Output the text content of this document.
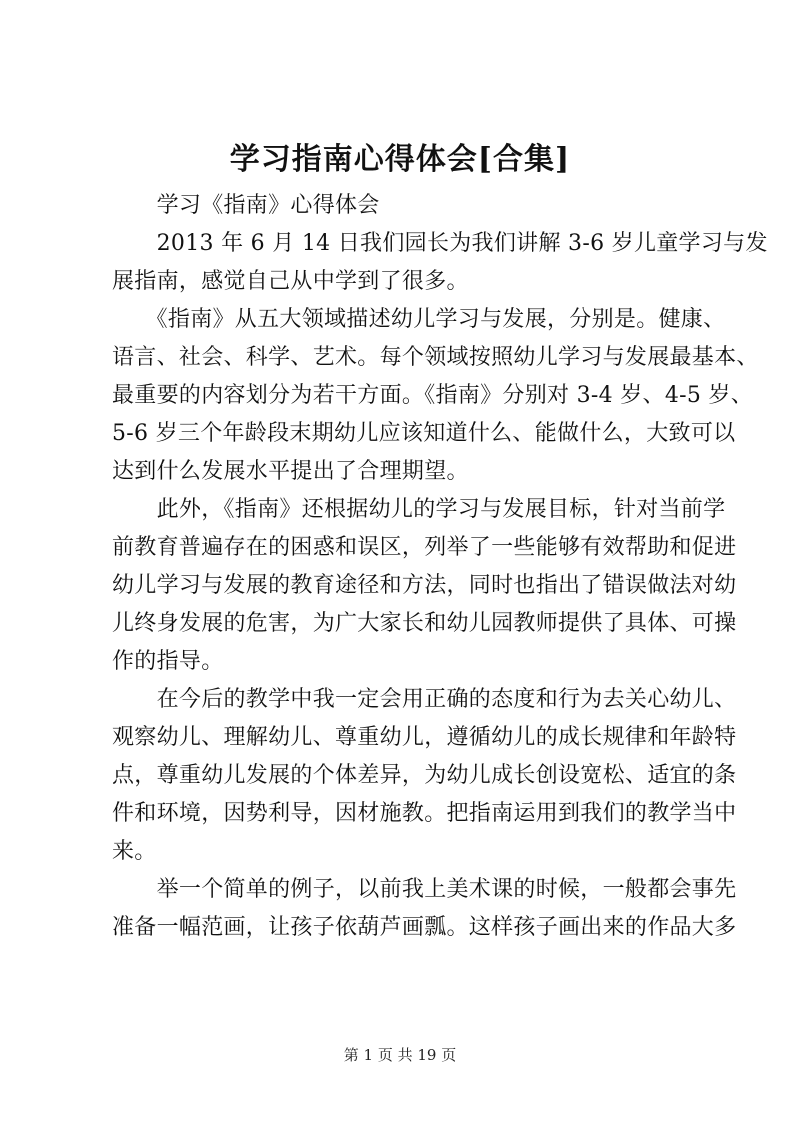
学习指南心得体会[合集]
　　学习《指南》心得体会
　　2013 年 6 月 14 日我们园长为我们讲解 3-6 岁儿童学习与发
展指南，感觉自己从中学到了很多。
　　《指南》从五大领域描述幼儿学习与发展，分别是。健康、
语言、社会、科学、艺术。每个领域按照幼儿学习与发展最基本、
最重要的内容划分为若干方面。《指南》分别对 3-4 岁、4-5 岁、
5-6 岁三个年龄段末期幼儿应该知道什么、能做什么，大致可以
达到什么发展水平提出了合理期望。
　　此外，《指南》还根据幼儿的学习与发展目标，针对当前学
前教育普遍存在的困惑和误区，列举了一些能够有效帮助和促进
幼儿学习与发展的教育途径和方法，同时也指出了错误做法对幼
儿终身发展的危害，为广大家长和幼儿园教师提供了具体、可操
作的指导。
　　在今后的教学中我一定会用正确的态度和行为去关心幼儿、
观察幼儿、理解幼儿、尊重幼儿，遵循幼儿的成长规律和年龄特
点，尊重幼儿发展的个体差异，为幼儿成长创设宽松、适宜的条
件和环境，因势利导，因材施教。把指南运用到我们的教学当中
来。
　　举一个简单的例子，以前我上美术课的时候，一般都会事先
准备一幅范画，让孩子依葫芦画瓢。这样孩子画出来的作品大多
第 1 页 共 19 页
